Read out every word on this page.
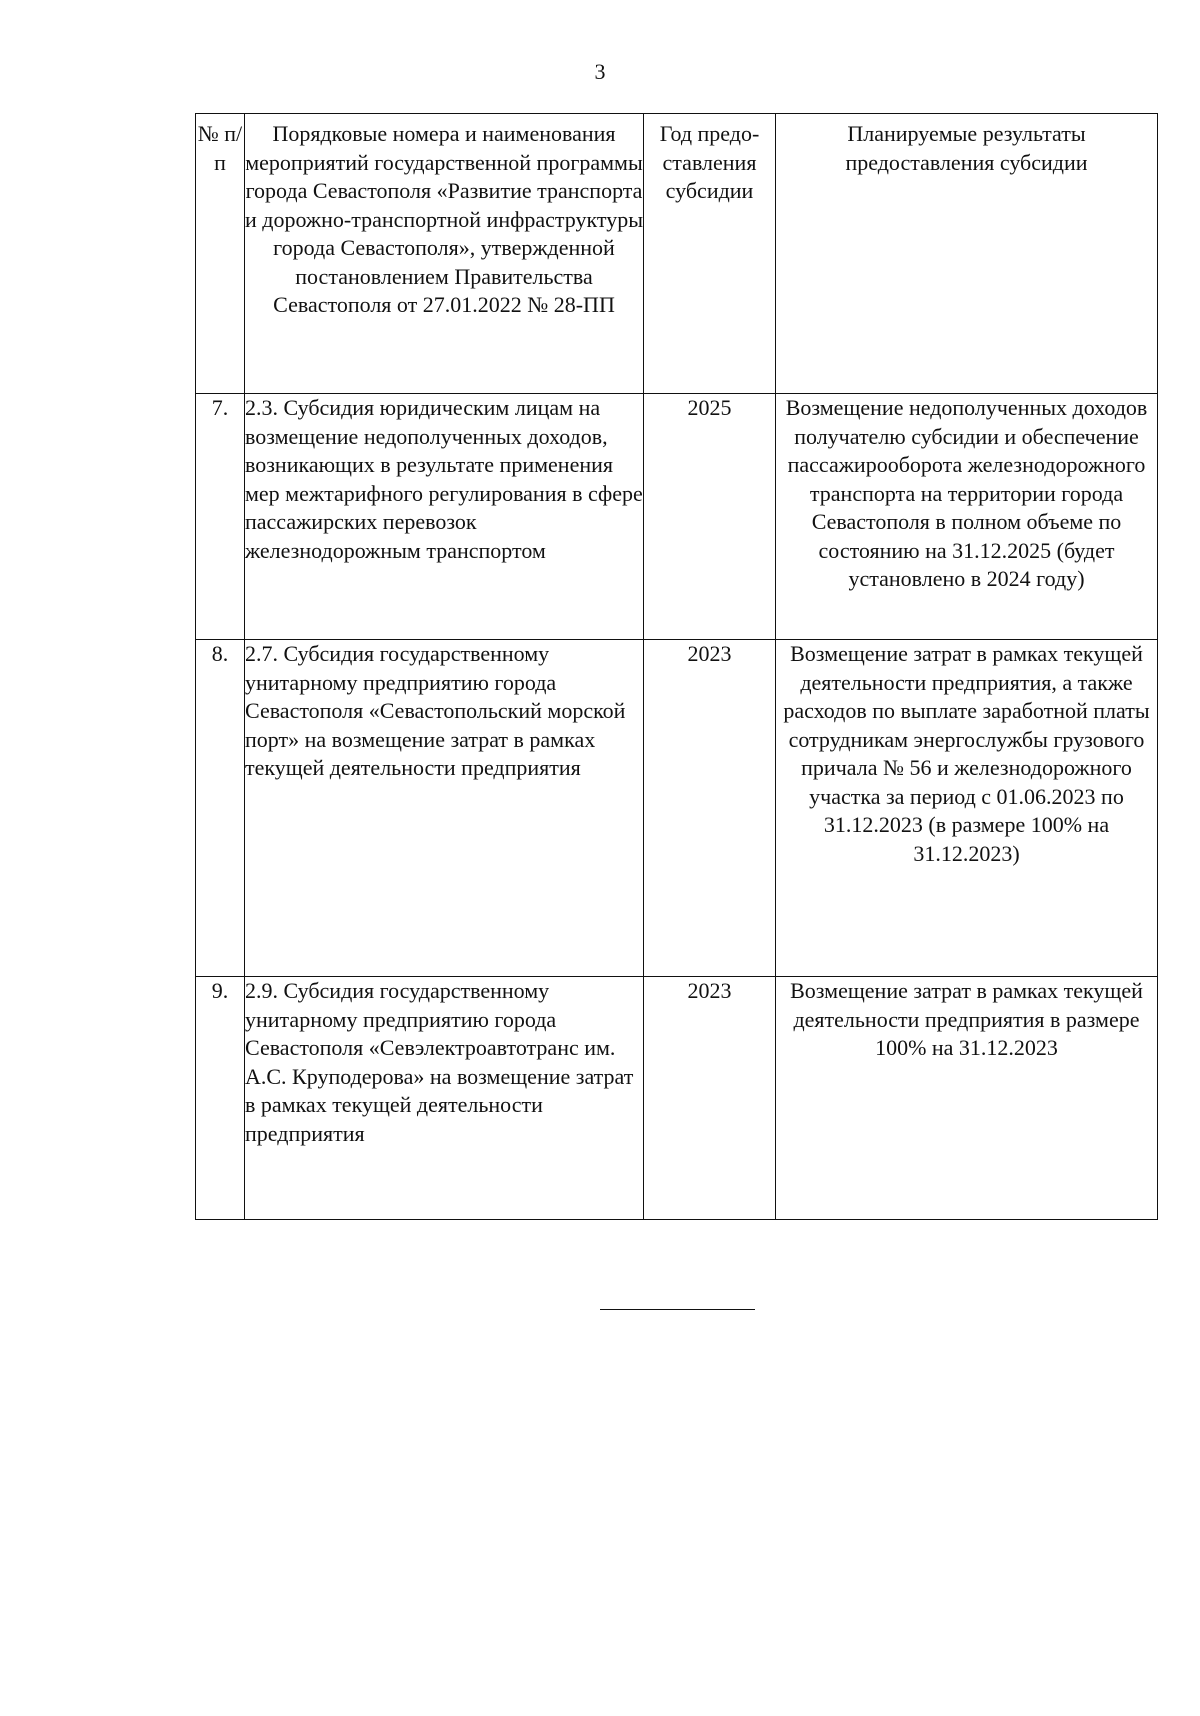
3
№ п/п	Порядковые номера и наименования мероприятий государственной программы города Севастополя «Развитие транспорта и дорожно-транспортной инфраструктуры города Севастополя», утвержденной постановлением Правительства Севастополя от 27.01.2022 № 28-ПП	Год предо- ставления субсидии	Планируемые результаты предоставления субсидии
7.	2.3. Субсидия юридическим лицам на возмещение недополученных доходов, возникающих в результате применения мер межтарифного регулирования в сфере пассажирских перевозок железнодорожным транспортом	2025	Возмещение недополученных доходов получателю субсидии и обеспечение пассажирооборота железнодорожного транспорта на территории города Севастополя в полном объеме по состоянию на 31.12.2025 (будет установлено в 2024 году)
8.	2.7. Субсидия государственному унитарному предприятию города Севастополя «Севастопольский морской порт» на возмещение затрат в рамках текущей деятельности предприятия	2023	Возмещение затрат в рамках текущей деятельности предприятия, а также расходов по выплате заработной платы сотрудникам энергослужбы грузового причала № 56 и железнодорожного участка за период с 01.06.2023 по 31.12.2023 (в размере 100% на 31.12.2023)
9.	2.9. Субсидия государственному унитарному предприятию города Севастополя «Севэлектроавтотранс им. А.С. Круподерова» на возмещение затрат в рамках текущей деятельности предприятия	2023	Возмещение затрат в рамках текущей деятельности предприятия в размере 100% на 31.12.2023
